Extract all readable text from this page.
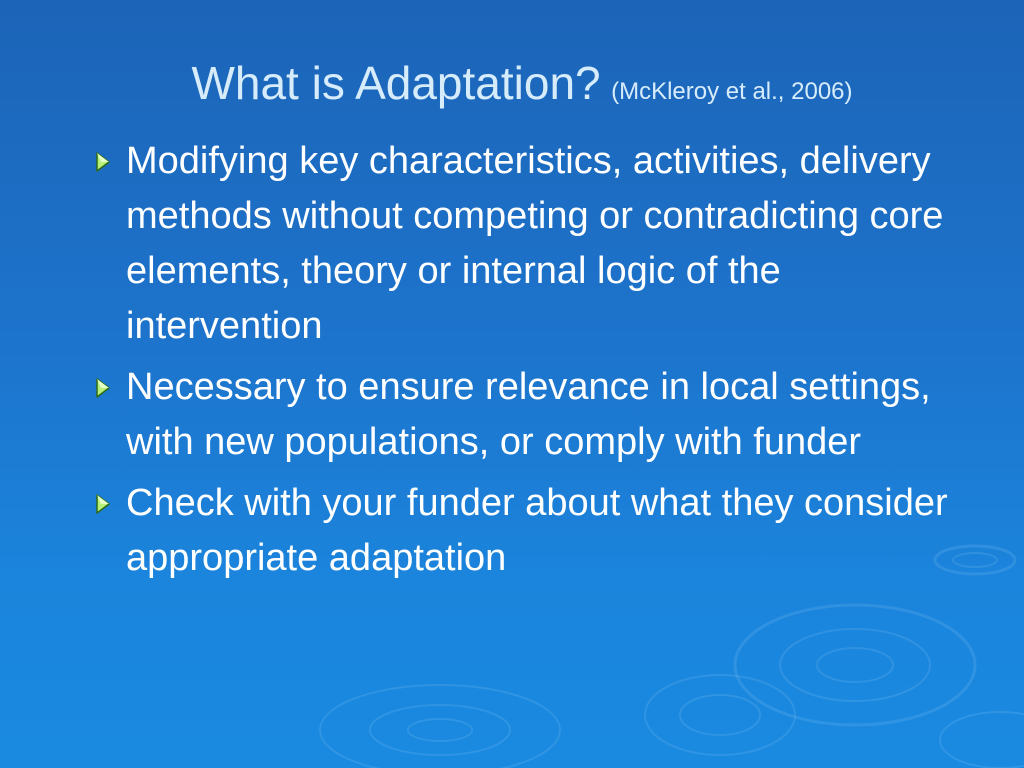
What is Adaptation? (McKleroy et al., 2006)
Modifying key characteristics, activities, delivery methods without competing or contradicting core elements, theory or internal logic of the intervention
Necessary to ensure relevance in local settings, with new populations, or comply with funder
Check with your funder about what they consider appropriate adaptation
